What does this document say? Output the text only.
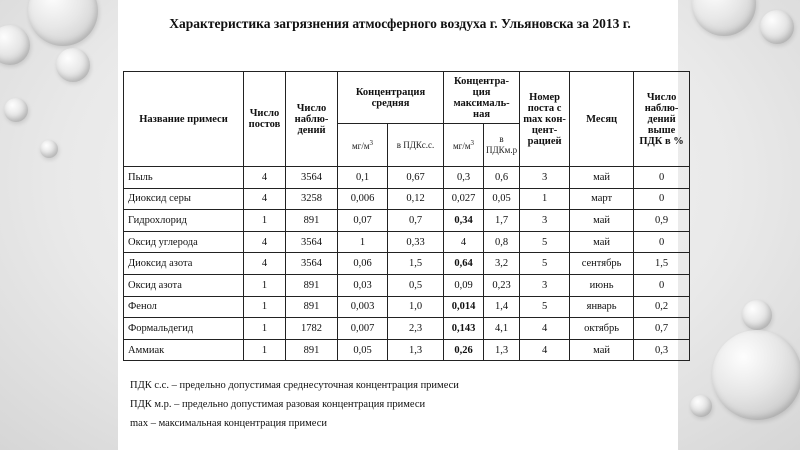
Характеристика загрязнения атмосферного воздуха г. Ульяновска за 2013 г.
Название примеси	Число постов	Число наблю-дений	Концентрация средняя		Концентра-ция максималь-ная		Номер поста с max кон-цент-рацией	Месяц	Число наблю-дений выше ПДК в %
			$мг/м^3$	в ПДКс.с.	$мг/м^3$	в ПДКм.р			
Пыль	4	3564	0,1	0,67	0,3	0,6	3	май	0
Диоксид серы	4	3258	0,006	0,12	0,027	0,05	1	март	0
Гидрохлорид	1	891	0,07	0,7	0,34	1,7	3	май	0,9
Оксид углерода	4	3564	1	0,33	4	0,8	5	май	0
Диоксид азота	4	3564	0,06	1,5	0,64	3,2	5	сентябрь	1,5
Оксид азота	1	891	0,03	0,5	0,09	0,23	3	июнь	0
Фенол	1	891	0,003	1,0	0,014	1,4	5	январь	0,2
Формальдегид	1	1782	0,007	2,3	0,143	4,1	4	октябрь	0,7
Аммиак	1	891	0,05	1,3	0,26	1,3	4	май	0,3
ПДК с.с. – предельно допустимая среднесуточная концентрация примеси
ПДК м.р. – предельно допустимая разовая концентрация примеси
max – максимальная концентрация примеси
